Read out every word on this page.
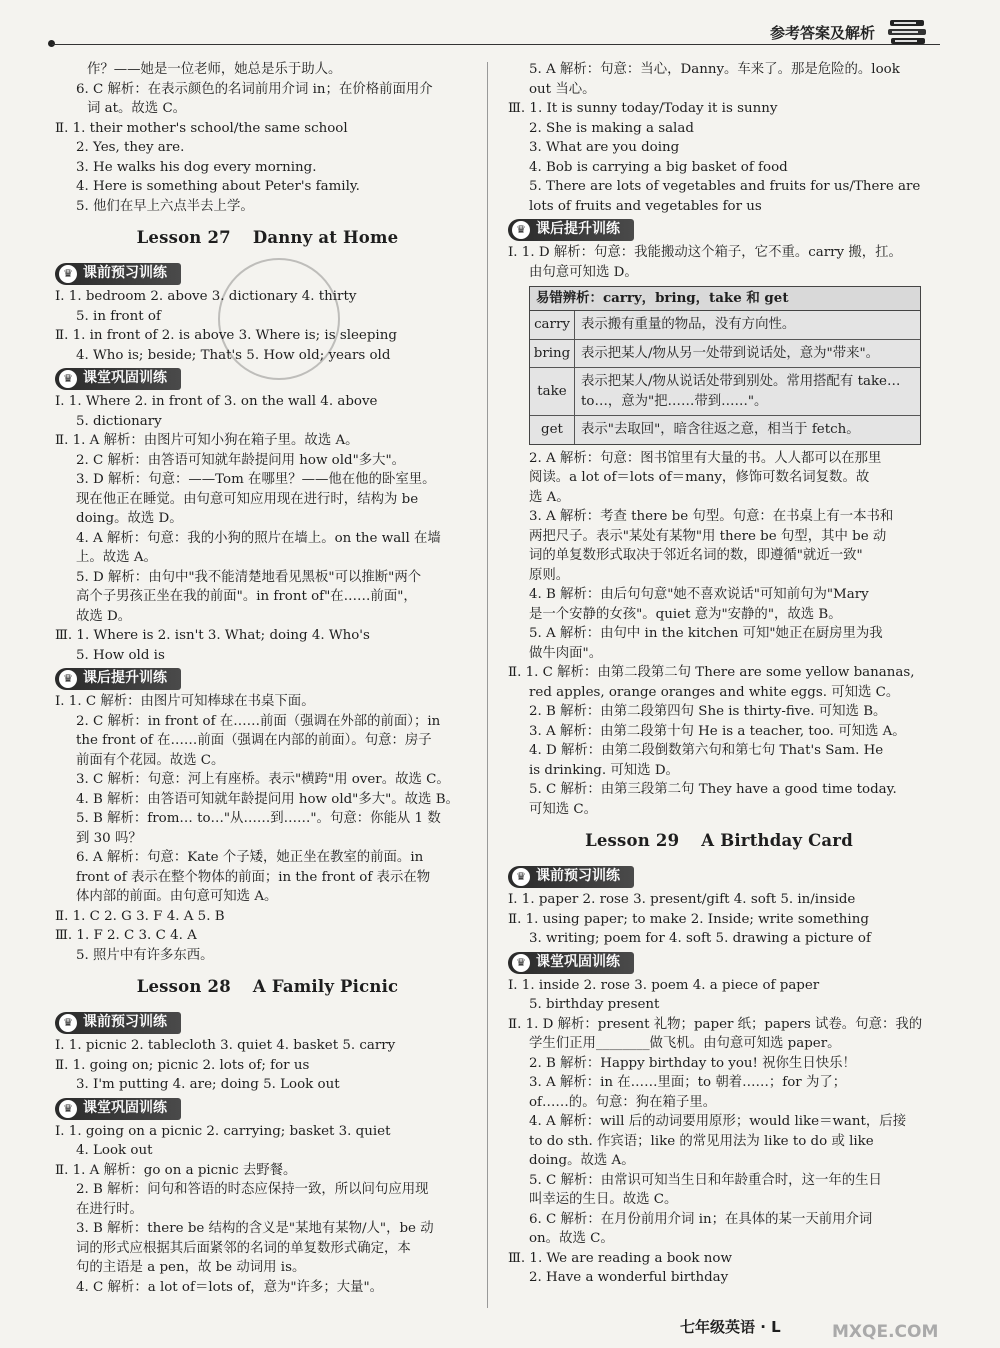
参考答案及解析
作？——她是一位老师，她总是乐于助人。
6. C 解析：在表示颜色的名词前用介词 in；在价格前面用介
词 at。故选 C。
Ⅱ. 1. their mother's school/the same school
2. Yes, they are.
3. He walks his dog every morning.
4. Here is something about Peter's family.
5. 他们在早上六点半去上学。
Lesson 27 Danny at Home
♛ 课前预习训练
Ⅰ. 1. bedroom 2. above 3. dictionary 4. thirty
5. in front of
Ⅱ. 1. in front of 2. is above 3. Where is; is sleeping
4. Who is; beside; That's 5. How old; years old
♛ 课堂巩固训练
Ⅰ. 1. Where 2. in front of 3. on the wall 4. above
5. dictionary
Ⅱ. 1. A 解析：由图片可知小狗在箱子里。故选 A。
2. C 解析：由答语可知就年龄提问用 how old"多大"。
3. D 解析：句意：——Tom 在哪里？——他在他的卧室里。
现在他正在睡觉。由句意可知应用现在进行时，结构为 be
doing。故选 D。
4. A 解析：句意：我的小狗的照片在墙上。on the wall 在墙
上。故选 A。
5. D 解析：由句中"我不能清楚地看见黑板"可以推断"两个
高个子男孩正坐在我的前面"。in front of"在……前面"，
故选 D。
Ⅲ. 1. Where is 2. isn't 3. What; doing 4. Who's
5. How old is
♛ 课后提升训练
Ⅰ. 1. C 解析：由图片可知棒球在书桌下面。
2. C 解析：in front of 在……前面（强调在外部的前面）；in
the front of 在……前面（强调在内部的前面）。句意：房子
前面有个花园。故选 C。
3. C 解析：句意：河上有座桥。表示"横跨"用 over。故选 C。
4. B 解析：由答语可知就年龄提问用 how old"多大"。故选 B。
5. B 解析：from… to…"从……到……"。句意：你能从 1 数
到 30 吗？
6. A 解析：句意：Kate 个子矮，她正坐在教室的前面。in
front of 表示在整个物体的前面；in the front of 表示在物
体内部的前面。由句意可知选 A。
Ⅱ. 1. C 2. G 3. F 4. A 5. B
Ⅲ. 1. F 2. C 3. C 4. A
5. 照片中有许多东西。
Lesson 28 A Family Picnic
♛ 课前预习训练
Ⅰ. 1. picnic 2. tablecloth 3. quiet 4. basket 5. carry
Ⅱ. 1. going on; picnic 2. lots of; for us
3. I'm putting 4. are; doing 5. Look out
♛ 课堂巩固训练
Ⅰ. 1. going on a picnic 2. carrying; basket 3. quiet
4. Look out
Ⅱ. 1. A 解析：go on a picnic 去野餐。
2. B 解析：问句和答语的时态应保持一致，所以问句应用现
在进行时。
3. B 解析：there be 结构的含义是"某地有某物/人"，be 动
词的形式应根据其后面紧邻的名词的单复数形式确定，本
句的主语是 a pen，故 be 动词用 is。
4. C 解析：a lot of＝lots of，意为"许多；大量"。
5. A 解析：句意：当心，Danny。车来了。那是危险的。look
out 当心。
Ⅲ. 1. It is sunny today/Today it is sunny
2. She is making a salad
3. What are you doing
4. Bob is carrying a big basket of food
5. There are lots of vegetables and fruits for us/There are
lots of fruits and vegetables for us
♛ 课后提升训练
Ⅰ. 1. D 解析：句意：我能搬动这个箱子，它不重。carry 搬，扛。
由句意可知选 D。
易错辨析：carry，bring，take 和 get
carry 表示搬有重量的物品，没有方向性。
bring 表示把某人/物从另一处带到说话处，意为"带来"。
take
表示把某人/物从说话处带到别处。常用搭配有 take…to…，意为"把……带到……"。
get	表示"去取回"，暗含往返之意，相当于 fetch。
2. A 解析：句意：图书馆里有大量的书。人人都可以在那里
阅读。a lot of＝lots of＝many，修饰可数名词复数。故
选 A。
3. A 解析：考查 there be 句型。句意：在书桌上有一本书和
两把尺子。表示"某处有某物"用 there be 句型，其中 be 动
词的单复数形式取决于邻近名词的数，即遵循"就近一致"
原则。
4. B 解析：由后句句意"她不喜欢说话"可知前句为"Mary
是一个安静的女孩"。quiet 意为"安静的"，故选 B。
5. A 解析：由句中 in the kitchen 可知"她正在厨房里为我
做牛肉面"。
Ⅱ. 1. C 解析：由第二段第二句 There are some yellow bananas,
red apples, orange oranges and white eggs. 可知选 C。
2. B 解析：由第二段第四句 She is thirty-five. 可知选 B。
3. A 解析：由第二段第十句 He is a teacher, too. 可知选 A。
4. D 解析：由第二段倒数第六句和第七句 That's Sam. He
is drinking. 可知选 D。
5. C 解析：由第三段第二句 They have a good time today.
可知选 C。
Lesson 29 A Birthday Card
♛ 课前预习训练
Ⅰ. 1. paper 2. rose 3. present/gift 4. soft 5. in/inside
Ⅱ. 1. using paper; to make 2. Inside; write something
3. writing; poem for 4. soft 5. drawing a picture of
♛ 课堂巩固训练
Ⅰ. 1. inside 2. rose 3. poem 4. a piece of paper
5. birthday present
Ⅱ. 1. D 解析：present 礼物；paper 纸；papers 试卷。句意：我的
学生们正用________做飞机。由句意可知选 paper。
2. B 解析：Happy birthday to you! 祝你生日快乐！
3. A 解析：in 在……里面；to 朝着……；for 为了；
of……的。句意：狗在箱子里。
4. A 解析：will 后的动词要用原形；would like＝want，后接
to do sth. 作宾语；like 的常见用法为 like to do 或 like
doing。故选 A。
5. C 解析：由常识可知当生日和年龄重合时，这一年的生日
叫幸运的生日。故选 C。
6. C 解析：在月份前用介词 in；在具体的某一天前用介词
on。故选 C。
Ⅲ. 1. We are reading a book now
2. Have a wonderful birthday
七年级英语 · L	MXQE.COM
